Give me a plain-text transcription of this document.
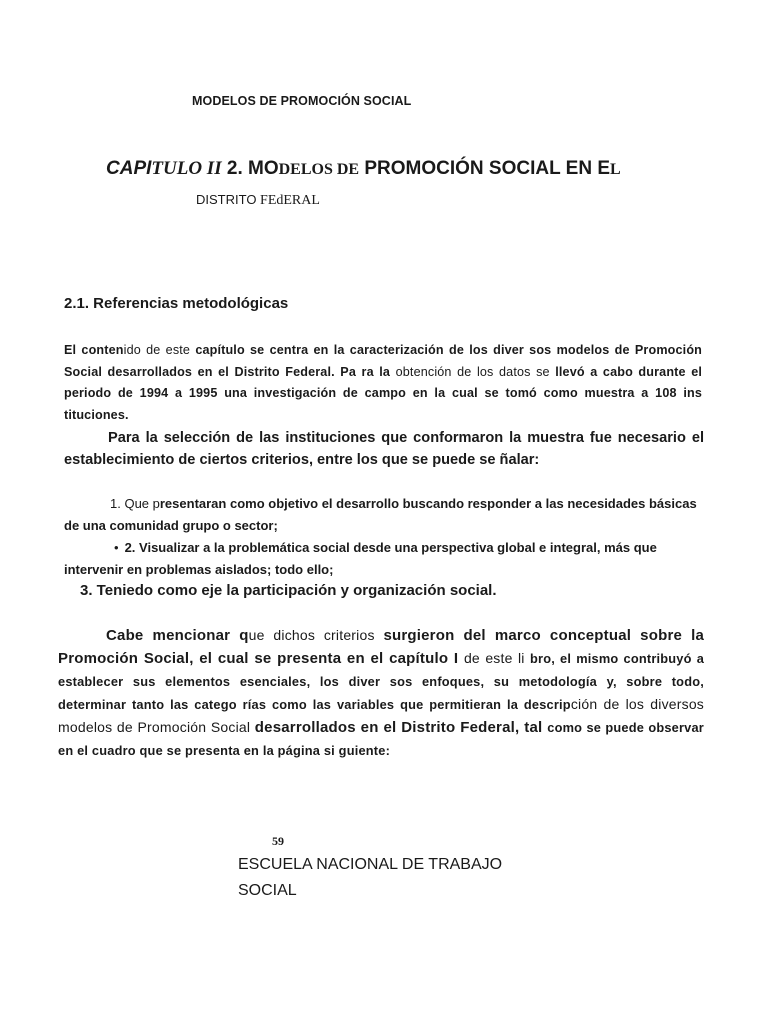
MODELOS DE PROMOCIÓN SOCIAL
CAPITULO II 2. MODELOS DE PROMOCIÓN SOCIAL EN EL
DISTRITO FEdERAL
2.1. Referencias metodológicas
El contenido de este capítulo se centra en la caracterización de los diver sos modelos de Promoción Social desarrollados en el Distrito Federal. Pa ra la obtención de los datos se llevó a cabo durante el periodo de 1994 a 1995 una investigación de campo en la cual se tomó como muestra a 108 ins tituciones.
Para la selección de las instituciones que conformaron la muestra fue necesario el establecimiento de ciertos criterios, entre los que se puede se ñalar:
1. Que presentaran como objetivo el desarrollo buscando responder a las necesidades básicas de una comunidad grupo o sector;
• 2. Visualizar a la problemática social desde una perspectiva global e integral, más que intervenir en problemas aislados; todo ello;
3. Teniedo como eje la participación y organización social.
Cabe mencionar que dichos criterios surgieron del marco conceptual sobre la Promoción Social, el cual se presenta en el capítulo I de este li bro, el mismo contribuyó a establecer sus elementos esenciales, los diver sos enfoques, su metodología y, sobre todo, determinar tanto las catego rías como las variables que permitieran la descripción de los diversos modelos de Promoción Social desarrollados en el Distrito Federal, tal como se puede observar en el cuadro que se presenta en la página si guiente:
59
ESCUELA NACIONAL DE TRABAJO
SOCIAL
